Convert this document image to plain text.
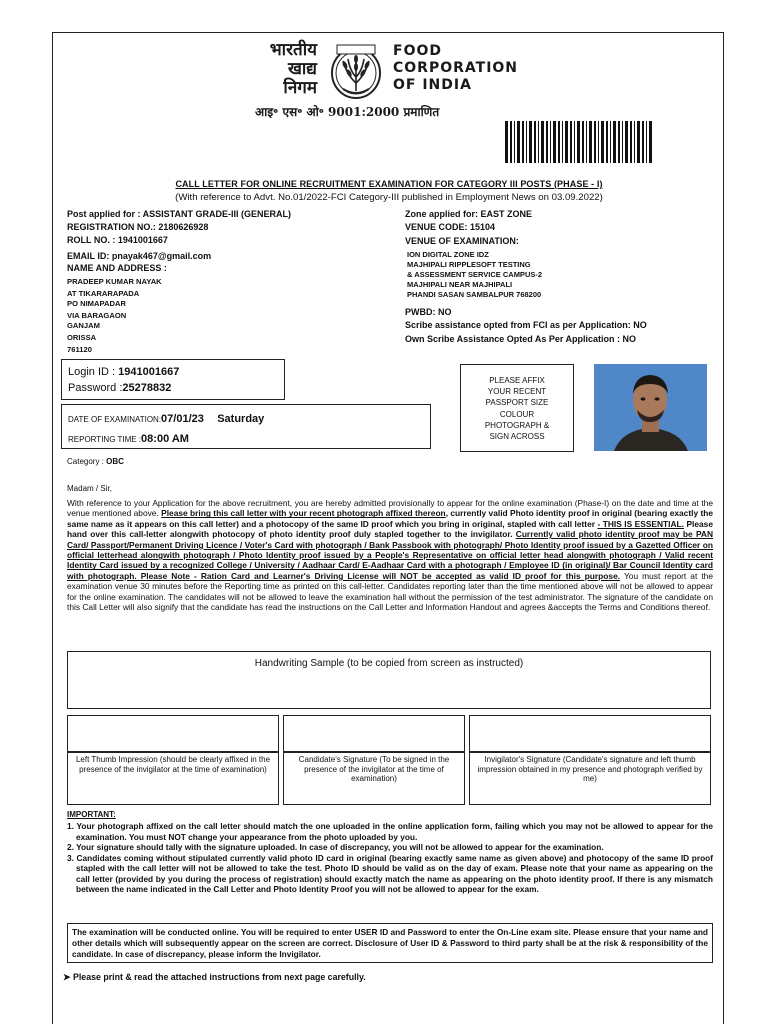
भारतीय
खाद्य
निगम
FOOD
CORPORATION
OF INDIA
आइ॰ एस॰ ओ॰ 9001:2000 प्रमाणित
CALL LETTER FOR ONLINE RECRUITMENT EXAMINATION FOR CATEGORY III POSTS (PHASE - I)
(With reference to Advt. No.01/2022-FCI Category-III published in Employment News on 03.09.2022)
Post applied for : ASSISTANT GRADE-III (GENERAL)
REGISTRATION NO.: 2180626928
ROLL NO. : 1941001667
EMAIL ID: pnayak467@gmail.com
NAME AND ADDRESS :
PRADEEP KUMAR NAYAK
AT TIKARARAPADA
PO NIMAPADAR
VIA BARAGAON
GANJAM
ORISSA
761120
Zone applied for: EAST ZONE
VENUE CODE: 15104
VENUE OF EXAMINATION:
ION DIGITAL ZONE IDZ
MAJHIPALI RIPPLESOFT TESTING
& ASSESSMENT SERVICE CAMPUS-2
MAJHIPALI NEAR MAJHIPALI
PHANDI SASAN SAMBALPUR 768200
PWBD: NO
Scribe assistance opted from FCI as per Application: NO
Own Scribe Assistance Opted As Per Application : NO
Login ID : 1941001667
Password :25278832
DATE OF EXAMINATION:07/01/23 Saturday
REPORTING TIME :08:00 AM
PLEASE AFFIX
YOUR RECENT
PASSPORT SIZE
COLOUR
PHOTOGRAPH &
SIGN ACROSS
Category : OBC
Madam / Sir,
With reference to your Application for the above recruitment, you are hereby admitted provisionally to appear for the online examination (Phase-I) on the date and time at the venue mentioned above. Please bring this call letter with your recent photograph affixed thereon, currently valid Photo identity proof in original (bearing exactly the same name as it appears on this call letter) and a photocopy of the same ID proof which you bring in original, stapled with call letter - THIS IS ESSENTIAL. Please hand over this call-letter alongwith photocopy of photo identity proof duly stapled together to the invigilator. Currently valid photo identity proof may be PAN Card/ Passport/Permanent Driving Licence / Voter's Card with photograph / Bank Passbook with photograph/ Photo Identity proof issued by a Gazetted Officer on official letterhead alongwith photograph / Photo Identity proof issued by a People's Representative on official letter head alongwith photograph / Valid recent Identity Card issued by a recognized College / University / Aadhaar Card/ E-Aadhaar Card with a photograph / Employee ID (in original)/ Bar Council Identity card with photograph. Please Note - Ration Card and Learner's Driving License will NOT be accepted as valid ID proof for this purpose. You must report at the examination venue 30 minutes before the Reporting time as printed on this call-letter. Candidates reporting later than the time mentioned above will not be allowed to appear for the online examination. The candidates will not be allowed to leave the examination hall without the permission of the test administrator. The signature of the candidate on this Call Letter will also signify that the candidate has read the instructions on the Call Letter and Information Handout and agrees &accepts the Terms and Conditions thereof.
Handwriting Sample (to be copied from screen as instructed)
Left Thumb Impression (should be clearly affixed in the presence of the invigilator at the time of examination)
Candidate's Signature (To be signed in the presence of the invigilator at the time of examination)
Invigilator's Signature (Candidate's signature and left thumb impression obtained in my presence and photograph verified by me)
IMPORTANT:
1. Your photograph affixed on the call letter should match the one uploaded in the online application form, failing which you may not be allowed to appear for the examination. You must NOT change your appearance from the photo uploaded by you.
2. Your signature should tally with the signature uploaded. In case of discrepancy, you will not be allowed to appear for the examination.
3. Candidates coming without stipulated currently valid photo ID card in original (bearing exactly same name as given above) and photocopy of the same ID proof stapled with the call letter will not be allowed to take the test. Photo ID should be valid as on the day of exam. Please note that your name as appearing on the call letter (provided by you during the process of registration) should exactly match the name as appearing on the photo identity proof. If there is any mismatch between the name indicated in the Call Letter and Photo Identity Proof you will not be allowed to appear for the exam.
The examination will be conducted online. You will be required to enter USER ID and Password to enter the On-Line exam site. Please ensure that your name and other details which will subsequently appear on the screen are correct. Disclosure of User ID & Password to third party shall be at the risk & responsibility of the candidate. In case of discrepancy, please inform the Invigilator.
➤ Please print & read the attached instructions from next page carefully.
